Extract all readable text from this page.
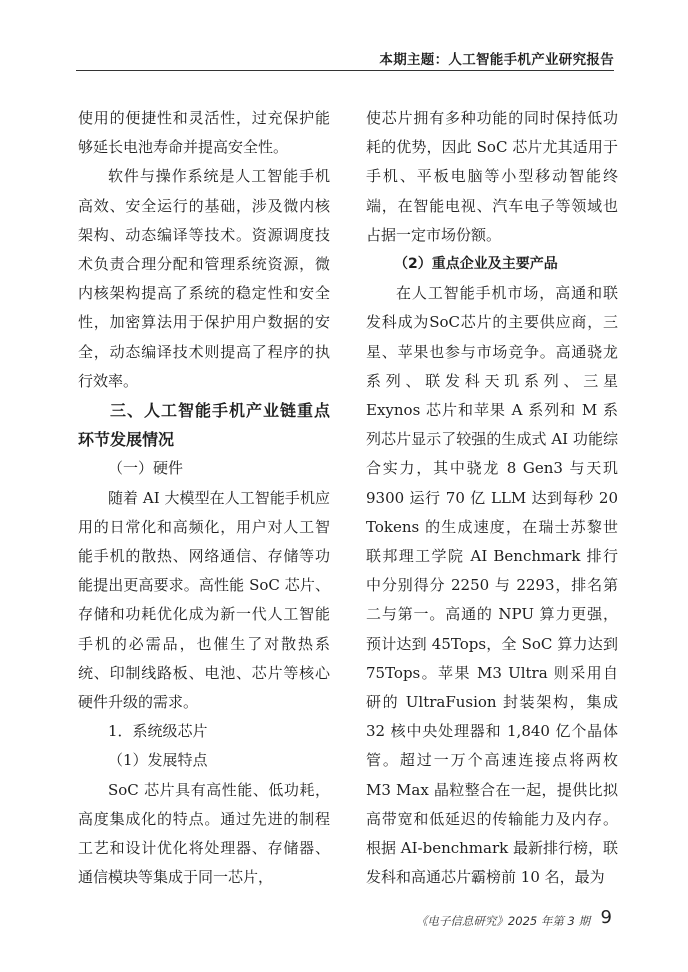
本期主题：人工智能手机产业研究报告

使用的便捷性和灵活性，过充保护能够延长电池寿命并提高安全性。

软件与操作系统是人工智能手机高效、安全运行的基础，涉及微内核架构、动态编译等技术。资源调度技术负责合理分配和管理系统资源，微内核架构提高了系统的稳定性和安全性，加密算法用于保护用户数据的安全，动态编译技术则提高了程序的执行效率。

三、人工智能手机产业链重点环节发展情况
（一）硬件

随着 AI 大模型在人工智能手机应用的日常化和高频化，用户对人工智能手机的散热、网络通信、存储等功能提出更高要求。高性能 SoC 芯片、存储和功耗优化成为新一代人工智能手机的必需品，也催生了对散热系统、印制线路板、电池、芯片等核心硬件升级的需求。

1．系统级芯片
（1）发展特点

SoC 芯片具有高性能、低功耗，高度集成化的特点。通过先进的制程工艺和设计优化将处理器、存储器、通信模块等集成于同一芯片，

使芯片拥有多种功能的同时保持低功耗的优势，因此 SoC 芯片尤其适用于手机、平板电脑等小型移动智能终端，在智能电视、汽车电子等领域也占据一定市场份额。

（2）重点企业及主要产品

在人工智能手机市场，高通和联发科成为SoC芯片的主要供应商，三星、苹果也参与市场竞争。高通骁龙系列、联发科天玑系列、三星 Exynos 芯片和苹果 A 系列和 M 系列芯片显示了较强的生成式 AI 功能综合实力，其中骁龙 8 Gen3 与天玑 9300 运行 70 亿 LLM 达到每秒 20 Tokens 的生成速度，在瑞士苏黎世联邦理工学院 AI Benchmark 排行中分别得分 2250 与 2293，排名第二与第一。高通的 NPU 算力更强，预计达到 45Tops，全 SoC 算力达到 75Tops。苹果 M3 Ultra 则采用自研的 UltraFusion 封装架构，集成 32 核中央处理器和 1,840 亿个晶体管。超过一万个高速连接点将两枚 M3 Max 晶粒整合在一起，提供比拟高带宽和低延迟的传输能力及内存。根据 AI-benchmark 最新排行榜，联发科和高通芯片霸榜前 10 名，最为

《电子信息研究》2025 年第 3 期 9
